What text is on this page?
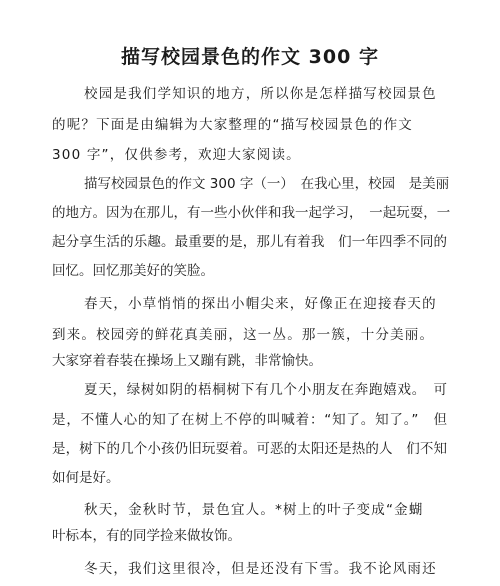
描写校园景色的作文 300 字
校园是我们学知识的地方，所以你是怎样描写校园景色
的呢？下面是由编辑为大家整理的“描写校园景色的作文
300 字”，仅供参考，欢迎大家阅读。
描写校园景色的作文 300 字（一）　在我心里，校园　是美丽
的地方。因为在那儿，有一些小伙伴和我一起学习，　一起玩耍，一
起分享生活的乐趣。最重要的是，那儿有着我　们一年四季不同的
回忆。回忆那美好的笑脸。
春天，小草悄悄的探出小帽尖来，好像正在迎接春天的
到来。校园旁的鲜花真美丽，这一丛。那一簇，十分美丽。
大家穿着春装在操场上又蹦有跳，非常愉快。
夏天，绿树如阴的梧桐树下有几个小朋友在奔跑嬉戏。　可
是，不懂人心的知了在树上不停的叫喊着：“知了。知了。”　但
是，树下的几个小孩仍旧玩耍着。可恶的太阳还是热的人　们不知
如何是好。
秋天，金秋时节，景色宜人。*树上的叶子变成“金蝴
叶标本，有的同学捡来做妆饰。
冬天，我们这里很冷，但是还没有下雪。我不论风雨还
